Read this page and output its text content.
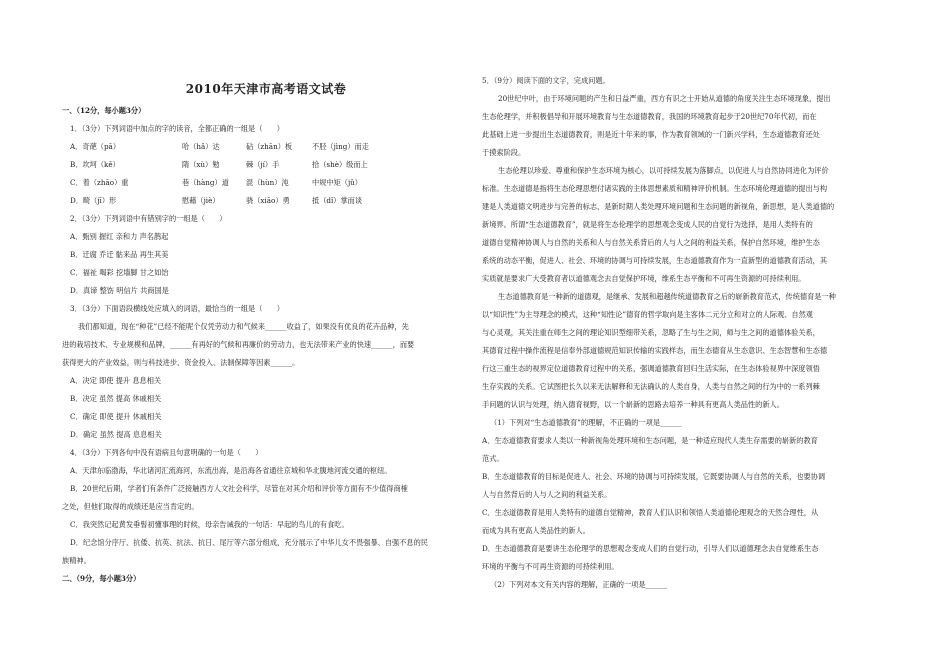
2010年天津市高考语文试卷
一、（12分，每小题3分）
1．（3分）下列词语中加点的字的读音，全都正确的一组是（　　）
A．奇葩（pā）	哈（hǎ）达	砧（zhān）板	不胫（jìng）而走
B．坎坷（kě）	隋（xù）勉	棘（jí）手	拾（shè）级而上
C．着（zhāo）重	巷（hàng）道 混（hùn）沌	中规中矩（jǔ）
D．畸（jī）形	慰藉（jiè）	骁（xiāo）勇	抵（dǐ）掌而谈
2．（3分）下列词语中有错别字的一组是（　　）
A．甄别 握红 亲和力 声名鹊起
B．迁腐 乔迁 骷来品 再生其美
C．福祉 喝彩 挖墙脚 甘之如饴
D．真谛 整饬 明信片 共商国是
3．（3分）下面语段横线处应填入的词语，最恰当的一组是（　　）
我们都知道，现在“种花”已经不能呢个仅凭劳动力和气候来______收益了，如果没有优良的花卉品种，先
进的栽培技术、专业规模和品牌，______有再好的气候和再廉价的劳动力，也无法带来产业的快速______，而要
获得更大的产业效益，则与科技进步、资金投入、法制保障等因素______。
A．决定 即使 提升 息息相关
B．决定 虽然 提高 休戚相关
C．确定 即使 提升 休戚相关
D．确定 虽然 提高 息息相关
4．（3分）下列各句中没有语病且句意明确的一句是（　　）
A．天津东临渤海，华北诸河汇流海河，东流出海，是沿海各省通往京城和华北腹地河流交通的枢纽。
B．20世纪后期，学者们有条件广泛接触西方人文社会科学，尽管在对其介绍和评价等方面有不少值得商榷
之处，但他们取得的成绩还是应当肯定的。
C．我突然记起黄发垂髫初懂事理的时候，母亲告诫我的一句话：早起的鸟儿的有食吃。
D．纪念馆分序厅、抗倭、抗英、抗法、抗日、尾厅等六部分组成，充分展示了中华儿女不畏强暴、自强不息的民
族精神。
二、（9分，每小题3分）
5．（9分）阅读下面的文字，完成问题。
20世纪中叶，由于环境问题的产生和日益严重，西方有识之士开始从道德的角度关注生态环境现象，提出
生态伦理学，并积极倡导和开展环境教育与生态道德教育，我国的环境教育起步于20世纪70年代初，而在
此基础上进一步提出生态道德教育，则是近十年来的事，作为教育领域的一门新兴学科，生态道德教育还处
于摸索阶段。
生态伦理以珍爱、尊重和保护生态环境为核心，以可持续发展为落脚点，以促进人与自然协同进化为评价
标准。生态道德是指将生态伦理思想付诸实践的主体思想素质和精神评价机制。生态环境伦理道德的提出与构
建是人类道德文明进步与完善的标志，是新时期人类处理环境问题和生态问题的新视角，新思想，是人类道德的
新境界。所谓“生态道德教育”，就是将生态伦理学的思想观念变成人民的自觉行为选择，是用人类特有的
道德自觉精神协调人与自然的关系和人与自然关系背后的人与人之间的利益关系，保护自然环境，维护生态
系统的动态平衡，促进人、社会、环境的协调与可持续发展，生态道德教育作为一直新型的道德教育活动，其
实质就是要求广大受教育者以道德观念去自觉保护环境，维系生态平衡和不可再生资源的可持续利用。
生态道德教育是一种新的道德观，是继承、发展和超越传统道德教育之后的崭新教育范式，传统德育是一种
以“知识性”为主导理念的模式，这种“知性论”德育的哲学取向是主客体二元分立和对立的人际观、自然观
与心灵观，其关注重在师生之间的理论知识型细带关系，忽略了生与生之间，师与生之间的道德体验关系，
其德育过程中操作流程是信奉外部道德规范知识传输的实践样态，而生态德育从生态意识、生态智慧和生态德
行这三重生态的视界定位道德教育过程中的关系，强调道德教育回归生活实际，在生态体验视界中深度领悟
生存实践的关系。它试图把长久以来无法解释和无法确认的人类自身，人类与自然之间的行为中的一系列棘
手问题的认识与处理，纳入德育视野，以一个崭新的思路去培养一种具有更高人类品性的新人。
（1）下列对“生态道德教育”的理解，不正确的一项是______
A．生态道德教育要求人类以一种新视角处理环境和生态问题，是一种适应现代人类生存需要的崭新的教育
范式。
B．生态道德教育的目标是促进人、社会、环境的协调与可持续发展，它既要协调人与自然的关系，也要协调
人与自然背后的人与人之间的利益关系。
C．生态道德教育是用人类特有的道德自觉精神，教育人们认识和领悟人类道德伦理观念的天然合理性，从
而成为具有更高人类品性的新人。
D．生态道德教育是要讲生态伦理学的思想观念变成人们的自觉行动，引导人们以道德理念去自觉维系生态
环境的平衡与不可再生资源的可持续利用。
（2）下列对本文有关内容的理解，正确的一项是______
